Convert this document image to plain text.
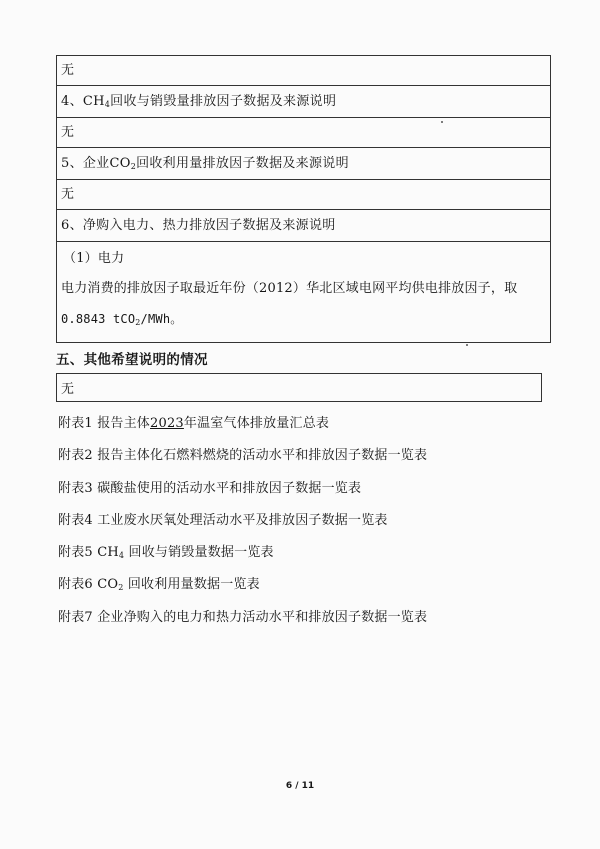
无
4、$CH_4$回收与销毁量排放因子数据及来源说明
无
5、企业$CO_2$回收利用量排放因子数据及来源说明
无
6、净购入电力、热力排放因子数据及来源说明
（1）电力
电力消费的排放因子取最近年份（2012）华北区域电网平均供电排放因子，取
0.8843 tCO$_2$/MWh。
五、其他希望说明的情况
无
附表1 报告主体2023年温室气体排放量汇总表
附表2 报告主体化石燃料燃烧的活动水平和排放因子数据一览表
附表3 碳酸盐使用的活动水平和排放因子数据一览表
附表4 工业废水厌氧处理活动水平及排放因子数据一览表
附表5 $CH_4$ 回收与销毁量数据一览表
附表6 $CO_2$ 回收利用量数据一览表
附表7 企业净购入的电力和热力活动水平和排放因子数据一览表
6 / 11
